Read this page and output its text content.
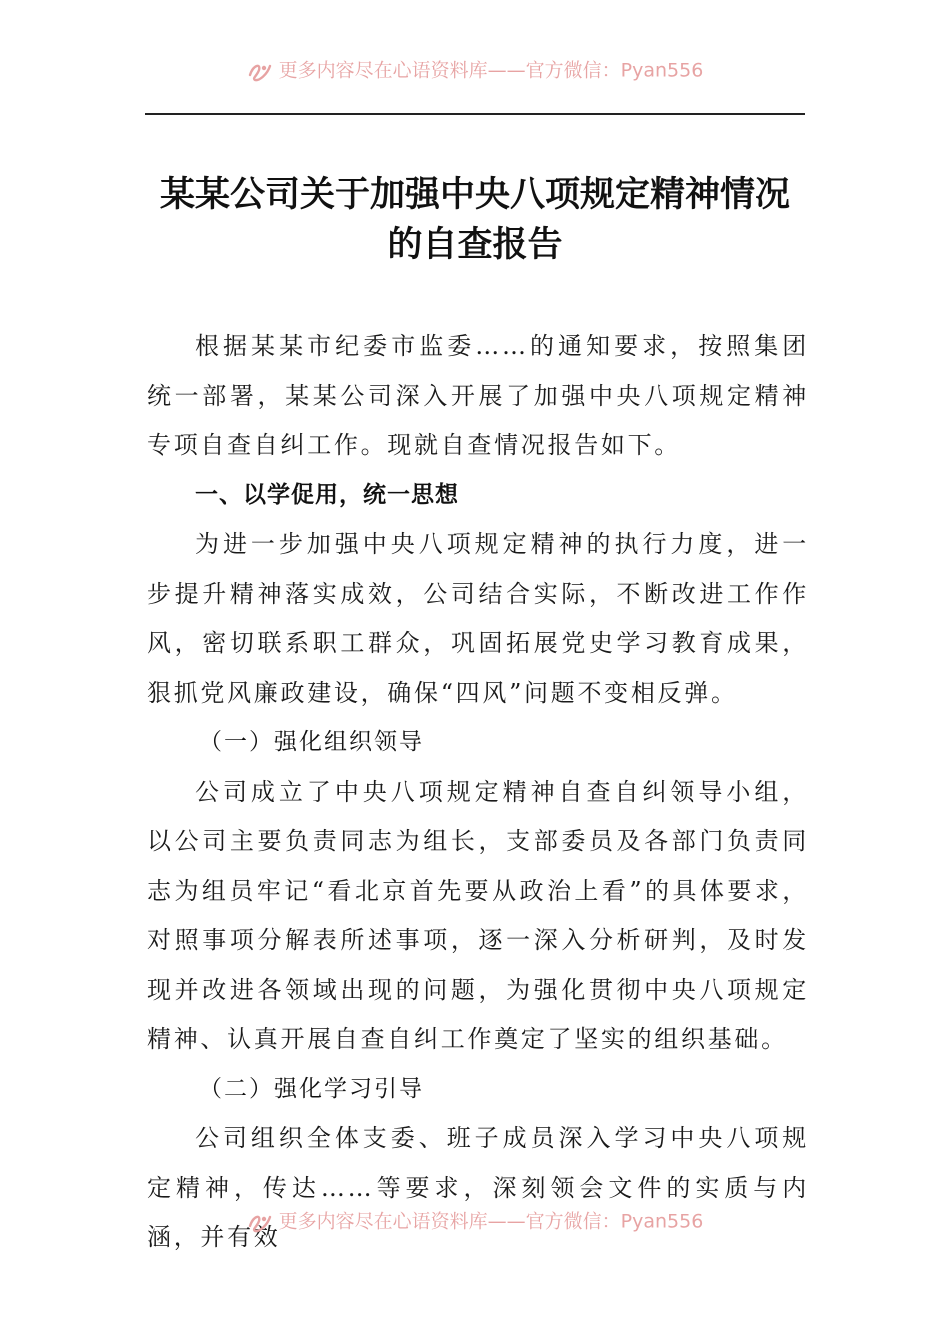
更多内容尽在心语资料库——官方微信：Pyan556
某某公司关于加强中央八项规定精神情况
的自查报告

根据某某市纪委市监委……的通知要求，按照集团统一部署，某某公司深入开展了加强中央八项规定精神专项自查自纠工作。现就自查情况报告如下。

一、以学促用，统一思想

为进一步加强中央八项规定精神的执行力度，进一步提升精神落实成效，公司结合实际，不断改进工作作风，密切联系职工群众，巩固拓展党史学习教育成果，狠抓党风廉政建设，确保“四风”问题不变相反弹。

（一）强化组织领导

公司成立了中央八项规定精神自查自纠领导小组，以公司主要负责同志为组长，支部委员及各部门负责同志为组员牢记“看北京首先要从政治上看”的具体要求，对照事项分解表所述事项，逐一深入分析研判，及时发现并改进各领域出现的问题，为强化贯彻中央八项规定精神、认真开展自查自纠工作奠定了坚实的组织基础。

（二）强化学习引导

公司组织全体支委、班子成员深入学习中央八项规定精神，传达……等要求，深刻领会文件的实质与内涵，并有效

更多内容尽在心语资料库——官方微信：Pyan556
